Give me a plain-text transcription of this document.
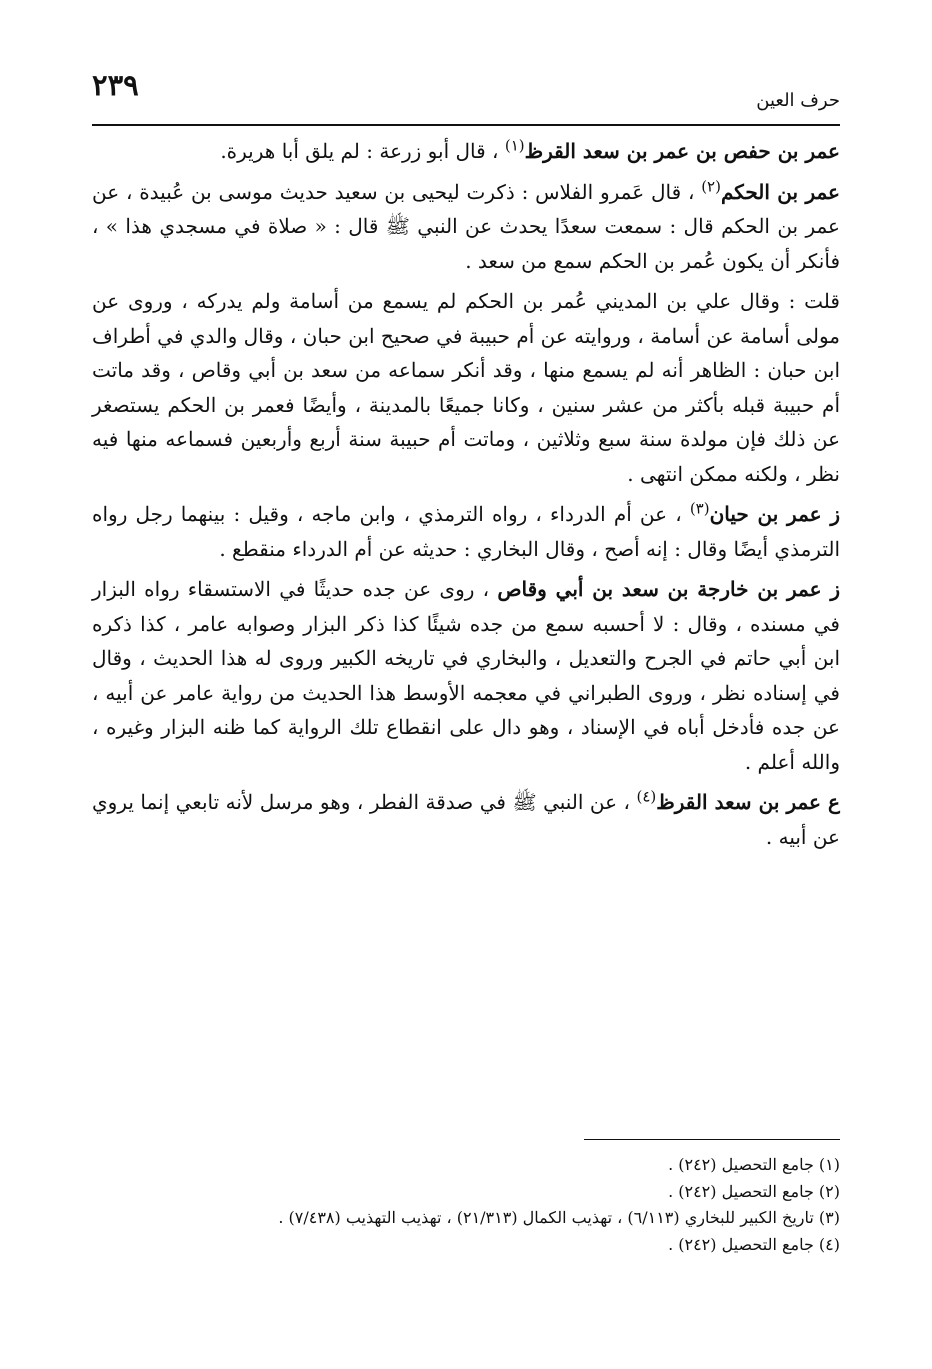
٢٣٩	حرف العين

عمر بن حفص بن عمر بن سعد القرظ$^{(١)}$ ، قال أبو زرعة : لم يلق أبا هريرة.

عمر بن الحكم$^{(٢)}$ ، قال عَمرو الفلاس : ذكرت ليحيى بن سعيد حديث موسى بن عُبيدة ، عن عمر بن الحكم قال : سمعت سعدًا يحدث عن النبي ﷺ قال : « صلاة في مسجدي هذا » ، فأنكر أن يكون عُمر بن الحكم سمع من سعد .

قلت : وقال علي بن المديني عُمر بن الحكم لم يسمع من أسامة ولم يدركه ، وروى عن مولى أسامة عن أسامة ، وروايته عن أم حبيبة في صحيح ابن حبان ، وقال والدي في أطراف ابن حبان : الظاهر أنه لم يسمع منها ، وقد أنكر سماعه من سعد بن أبي وقاص ، وقد ماتت أم حبيبة قبله بأكثر من عشر سنين ، وكانا جميعًا بالمدينة ، وأيضًا فعمر بن الحكم يستصغر عن ذلك فإن مولدة سنة سبع وثلاثين ، وماتت أم حبيبة سنة أربع وأربعين فسماعه منها فيه نظر ، ولكنه ممكن انتهى .

ز عمر بن حيان$^{(٣)}$ ، عن أم الدرداء ، رواه الترمذي ، وابن ماجه ، وقيل : بينهما رجل رواه الترمذي أيضًا وقال : إنه أصح ، وقال البخاري : حديثه عن أم الدرداء منقطع .

ز عمر بن خارجة بن سعد بن أبي وقاص ، روى عن جده حديثًا في الاستسقاء رواه البزار في مسنده ، وقال : لا أحسبه سمع من جده شيئًا كذا ذكر البزار وصوابه عامر ، كذا ذكره ابن أبي حاتم في الجرح والتعديل ، والبخاري في تاريخه الكبير وروى له هذا الحديث ، وقال في إسناده نظر ، وروى الطبراني في معجمه الأوسط هذا الحديث من رواية عامر عن أبيه ، عن جده فأدخل أباه في الإسناد ، وهو دال على انقطاع تلك الرواية كما ظنه البزار وغيره ، والله أعلم .

ع عمر بن سعد القرظ$^{(٤)}$ ، عن النبي ﷺ في صدقة الفطر ، وهو مرسل لأنه تابعي إنما يروي عن أبيه .

(١) جامع التحصيل (٢٤٢) .
(٢) جامع التحصيل (٢٤٢) .
(٣) تاريخ الكبير للبخاري (٦/١١٣) ، تهذيب الكمال (٢١/٣١٣) ، تهذيب التهذيب (٧/٤٣٨) .
(٤) جامع التحصيل (٢٤٢) .
